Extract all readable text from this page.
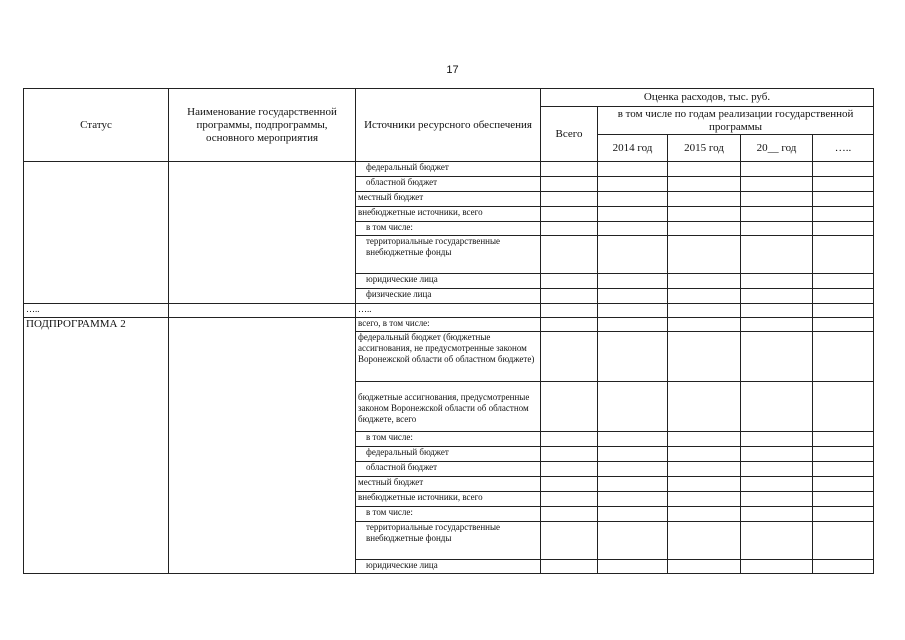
17
Статус	Наименование государственной программы, подпрограммы, основного мероприятия	Источники ресурсного обеспечения	Оценка расходов, тыс. руб.				
			Всего	в том числе по годам реализации государственной программы			
				2014 год	2015 год	20__ год	…..
		федеральный бюджет					
		областной бюджет					
		местный бюджет					
		внебюджетные источники, всего					
		в том числе:					
		территориальные государственные внебюджетные фонды					
		юридические лица					
		физические лица					
…..		…..					
ПОДПРОГРАММА 2		всего, в том числе:					
		федеральный бюджет (бюджетные ассигнования, не предусмотренные законом Воронежской области об областном бюджете)					
		бюджетные ассигнования, предусмотренные законом Воронежской области об областном бюджете, всего					
		в том числе:					
		федеральный бюджет					
		областной бюджет					
		местный бюджет					
		внебюджетные источники, всего					
		в том числе:					
		территориальные государственные внебюджетные фонды					
		юридические лица					
